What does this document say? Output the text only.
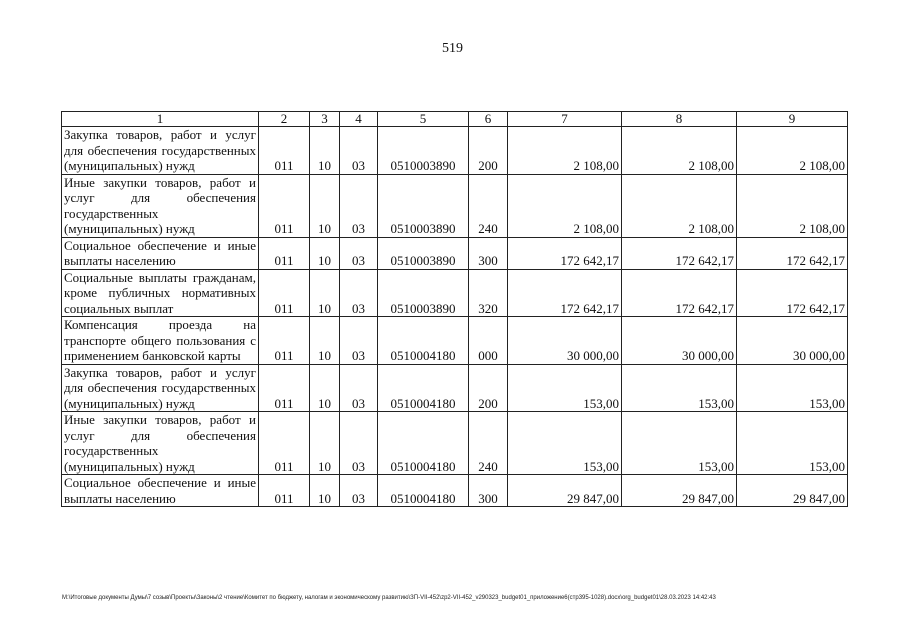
519
1	2	3	4	5	6	7	8	9
Закупка товаров, работ и услуг для обеспечения государственных (муниципальных) нужд	011	10	03	0510003890	200	2 108,00	2 108,00	2 108,00
Иные закупки товаров, работ и услуг для обеспечения государственных (муниципальных) нужд	011	10	03	0510003890	240	2 108,00	2 108,00	2 108,00
Социальное обеспечение и иные выплаты населению	011	10	03	0510003890	300	172 642,17	172 642,17	172 642,17
Социальные выплаты гражданам, кроме публичных нормативных социальных выплат	011	10	03	0510003890	320	172 642,17	172 642,17	172 642,17
Компенсация проезда на транспорте общего пользования с применением банковской карты	011	10	03	0510004180	000	30 000,00	30 000,00	30 000,00
Закупка товаров, работ и услуг для обеспечения государственных (муниципальных) нужд	011	10	03	0510004180	200	153,00	153,00	153,00
Иные закупки товаров, работ и услуг для обеспечения государственных (муниципальных) нужд	011	10	03	0510004180	240	153,00	153,00	153,00
Социальное обеспечение и иные выплаты населению	011	10	03	0510004180	300	29 847,00	29 847,00	29 847,00
M:\Итоговые документы Думы\7 созыв\Проекты\Законы\2 чтение\Комитет по бюджету, налогам и экономическому развитию\ЗП-VII-452\zp2-VII-452_v290323_budget01_приложение6(стр395-1028).docx\org_budget01\28.03.2023 14:42:43
